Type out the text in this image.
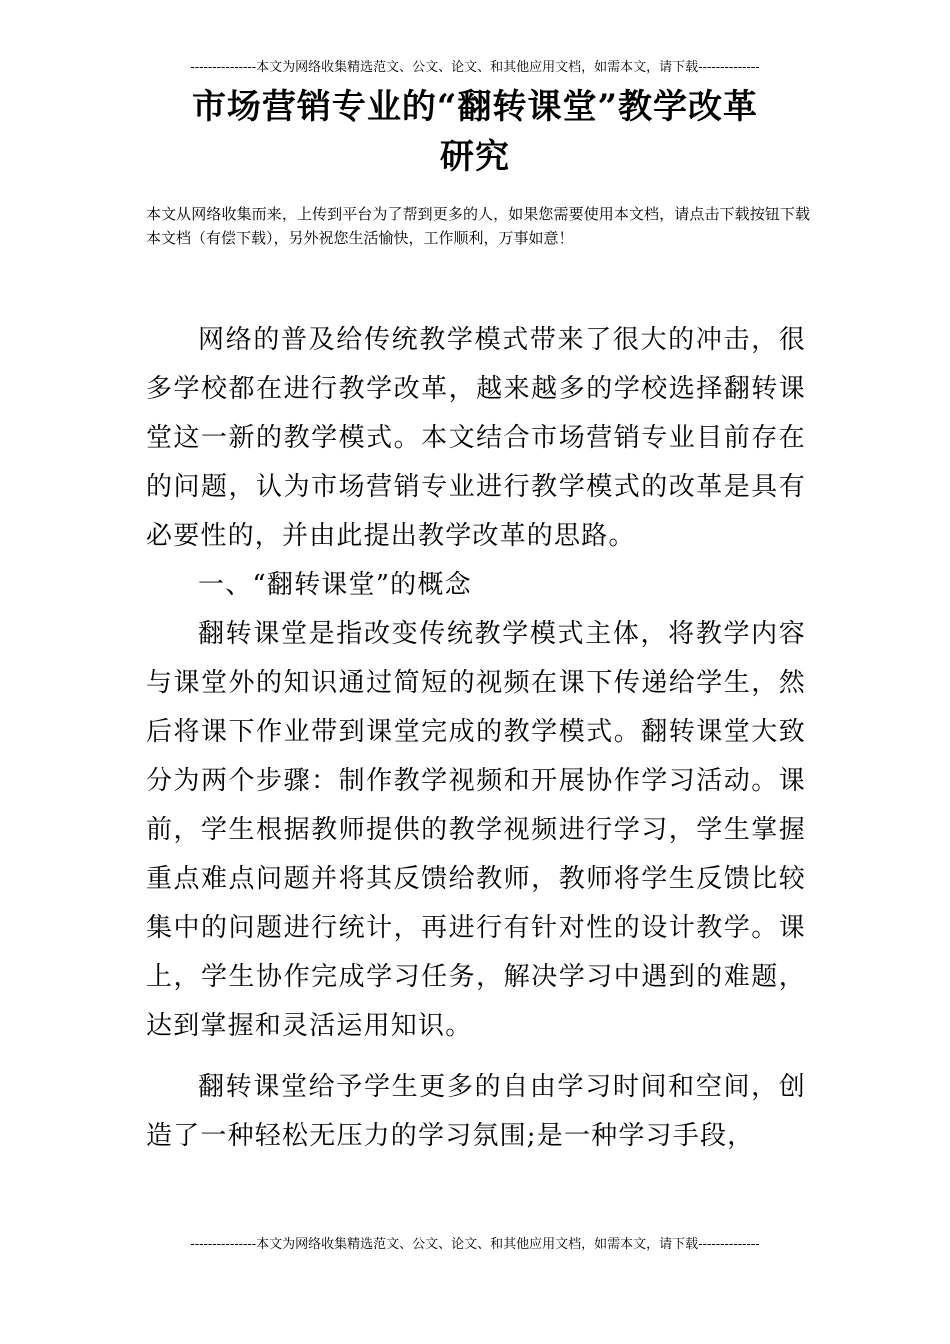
---------------本文为网络收集精选范文、公文、论文、和其他应用文档，如需本文，请下载--------------
市场营销专业的“翻转课堂”教学改革
研究
本文从网络收集而来，上传到平台为了帮到更多的人，如果您需要使用本文档，请点击下载按钮下载本文档（有偿下载），另外祝您生活愉快，工作顺利，万事如意！

网络的普及给传统教学模式带来了很大的冲击，很多学校都在进行教学改革，越来越多的学校选择翻转课堂这一新的教学模式。本文结合市场营销专业目前存在的问题，认为市场营销专业进行教学模式的改革是具有必要性的，并由此提出教学改革的思路。

一、“翻转课堂”的概念

翻转课堂是指改变传统教学模式主体，将教学内容与课堂外的知识通过简短的视频在课下传递给学生，然后将课下作业带到课堂完成的教学模式。翻转课堂大致分为两个步骤：制作教学视频和开展协作学习活动。课前，学生根据教师提供的教学视频进行学习，学生掌握重点难点问题并将其反馈给教师，教师将学生反馈比较集中的问题进行统计，再进行有针对性的设计教学。课上，学生协作完成学习任务，解决学习中遇到的难题，达到掌握和灵活运用知识。

翻转课堂给予学生更多的自由学习时间和空间，创造了一种轻松无压力的学习氛围;是一种学习手段，

---------------本文为网络收集精选范文、公文、论文、和其他应用文档，如需本文，请下载--------------
